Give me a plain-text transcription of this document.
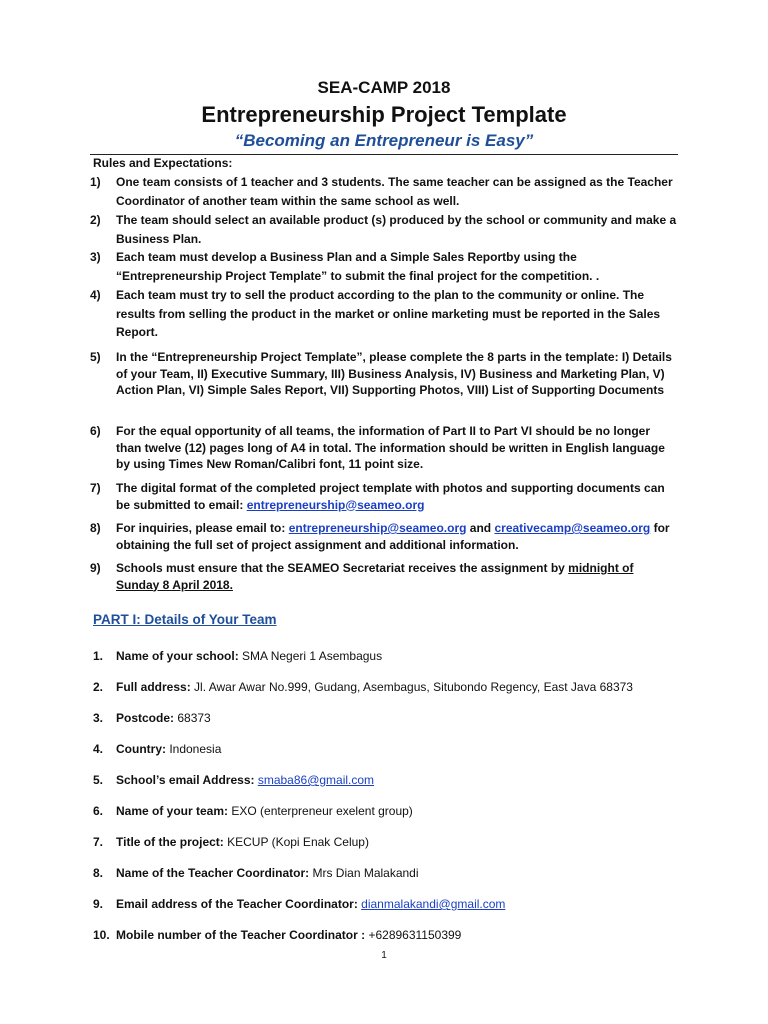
SEA-CAMP 2018
Entrepreneurship Project Template
“Becoming an Entrepreneur is Easy”
Rules and Expectations:
1) One team consists of 1 teacher and 3 students. The same teacher can be assigned as the Teacher Coordinator of another team within the same school as well.
2) The team should select an available product (s) produced by the school or community and make a Business Plan.
3) Each team must develop a Business Plan and a Simple Sales Reportby using the
“Entrepreneurship Project Template” to submit the final project for the competition. .
4) Each team must try to sell the product according to the plan to the community or online. The results from selling the product in the market or online marketing must be reported in the Sales Report.
5) In the “Entrepreneurship Project Template”, please complete the 8 parts in the template: I) Details of your Team, II) Executive Summary, III) Business Analysis, IV) Business and Marketing Plan, V) Action Plan, VI) Simple Sales Report, VII) Supporting Photos, VIII) List of Supporting Documents
6) For the equal opportunity of all teams, the information of Part II to Part VI should be no longer than twelve (12) pages long of A4 in total. The information should be written in English language by using Times New Roman/Calibri font, 11 point size.
7) The digital format of the completed project template with photos and supporting documents can be submitted to email: entrepreneurship@seameo.org
8) For inquiries, please email to: entrepreneurship@seameo.org and creativecamp@seameo.org for obtaining the full set of project assignment and additional information.
9) Schools must ensure that the SEAMEO Secretariat receives the assignment by midnight of Sunday 8 April 2018.
PART I: Details of Your Team
1. Name of your school: SMA Negeri 1 Asembagus
2. Full address: Jl. Awar Awar No.999, Gudang, Asembagus, Situbondo Regency, East Java 68373
3. Postcode: 68373
4. Country: Indonesia
5. School’s email Address: smaba86@gmail.com
6. Name of your team: EXO (enterpreneur exelent group)
7. Title of the project: KECUP (Kopi Enak Celup)
8. Name of the Teacher Coordinator: Mrs Dian Malakandi
9. Email address of the Teacher Coordinator: dianmalakandi@gmail.com
10. Mobile number of the Teacher Coordinator : +6289631150399
1
